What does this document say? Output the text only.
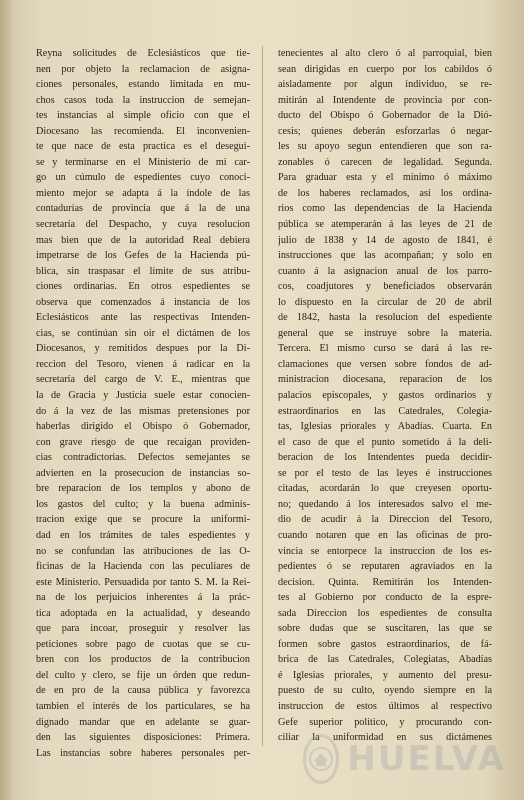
Reyna solicitudes de Eclesiásticos que tie-
nen por objeto la reclamacion de asigna-
ciones personales, estando limitada en mu-
chos casos toda la instruccion de semejan-
tes instancias al simple oficio con que el
Diocesano las recomienda. El inconvenien-
te que nace de esta practica es el desegui-
se y terminarse en el Ministerio de mi car-
go un cúmulo de espedientes cuyo conoci-
miento mejor se adapta á la índole de las
contadurías de provincia que á la de una
secretaría del Despacho, y cuya resolucion
mas bien que de la autoridad Real debiera
impetrarse de los Gefes de la Hacienda pú-
blica, sin traspasar el límite de sus atribu-
ciones ordinarias. En otros espedientes se
observa que comenzados á instancia de los
Eclesiásticos ante las respectivas Intenden-
cias, se continúan sin oir el dictámen de los
Diocesanos, y remitidos despues por la Di-
reccion del Tesoro, vienen á radicar en la
secretaría del cargo de V. E., mientras que
la de Gracia y Justicia suele estar conocien-
do á la vez de las mismas pretensiones por
haberlas dirigido el Obispo ó Gobernador,
con grave riesgo de que recaigan providen-
cias contradictorias. Defectos semejantes se
advierten en la prosecucion de instancias so-
bre reparacion de los templos y abono de
los gastos del culto; y la buena adminis-
tracion exige que se procure la uniformi-
dad en los trámites de tales espedientes y
no se confundan las atribuciones de las O-
ficinas de la Hacienda con las peculiares de
este Ministerio. Persuadida por tanto S. M. la Rei-
na de los perjuicios inherentes á la prác-
tica adoptada en la actualidad, y deseando
que para incoar, proseguir y resolver las
peticiones sobre pago de cuotas que se cu-
bren con los productos de la contribucion
del culto y clero, se fije un órden que redun-
de en pro de la causa pública y favorezca
tambien el interés de los particulares, se ha
dignado mandar que en adelante se guar-
den las siguientes disposiciones: Primera.
Las instancias sobre haberes personales per-
tenecientes al alto clero ó al parroquial, bien
sean dirigidas en cuerpo por los cabildos ó
aisladamente por algun individuo, se re-
mitirán al Intendente de provincia por con-
ducto del Obispo ó Gobernador de la Dió-
cesis; quienes deberán esforzarlas ó negar-
les su apoyo segun entendieren que son ra-
zonables ó carecen de legalidad. Segunda.
Para graduar esta y el mínimo ó máximo
de los haberes reclamados, así los ordina-
rios como las dependencias de la Hacienda
pública se atemperarán á las leyes de 21 de
julio de 1838 y 14 de agosto de 1841, é
instrucciones que las acompañan; y solo en
cuanto á la asignacion anual de los parro-
cos, coadjutores y beneficiados observarán
lo dispuesto en la circular de 20 de abril
de 1842, hasta la resolucion del espediente
general que se instruye sobre la materia.
Tercera. El mismo curso se dará á las re-
clamaciones que versen sobre fondos de ad-
ministracion diocesana, reparacion de los
palacios episcopales, y gastos ordinarios y
estraordinarios en las Catedrales, Colegia-
tas, Iglesias priorales y Abadías. Cuarta. En
el caso de que el punto sometido á la deli-
beracion de los Intendentes pueda decidir-
se por el testo de las leyes é instrucciones
citadas, acordarán lo que creyesen oportu-
no; quedando á los interesados salvo el me-
dio de acudir á la Direccion del Tesoro,
cuando notaren que en las oficinas de pro-
vincia se entorpece la instruccion de los es-
pedientes ó se reputaren agraviados en la
decision. Quinta. Remitirán los Intenden-
tes al Gobierno por conducto de la espre-
sada Direccion los espedientes de consulta
sobre dudas que se suscitaren, las que se
formen sobre gastos estraordinarios, de fá-
brica de las Catedrales, Colegiatas, Abadías
é Iglesias priorales, y aumento del presu-
puesto de su culto, oyendo siempre en la
instruccion de estos últimos al respectivo
Gefe superior político, y procurando con-
ciliar la uniformidad en sus dictámenes
HUELVA
